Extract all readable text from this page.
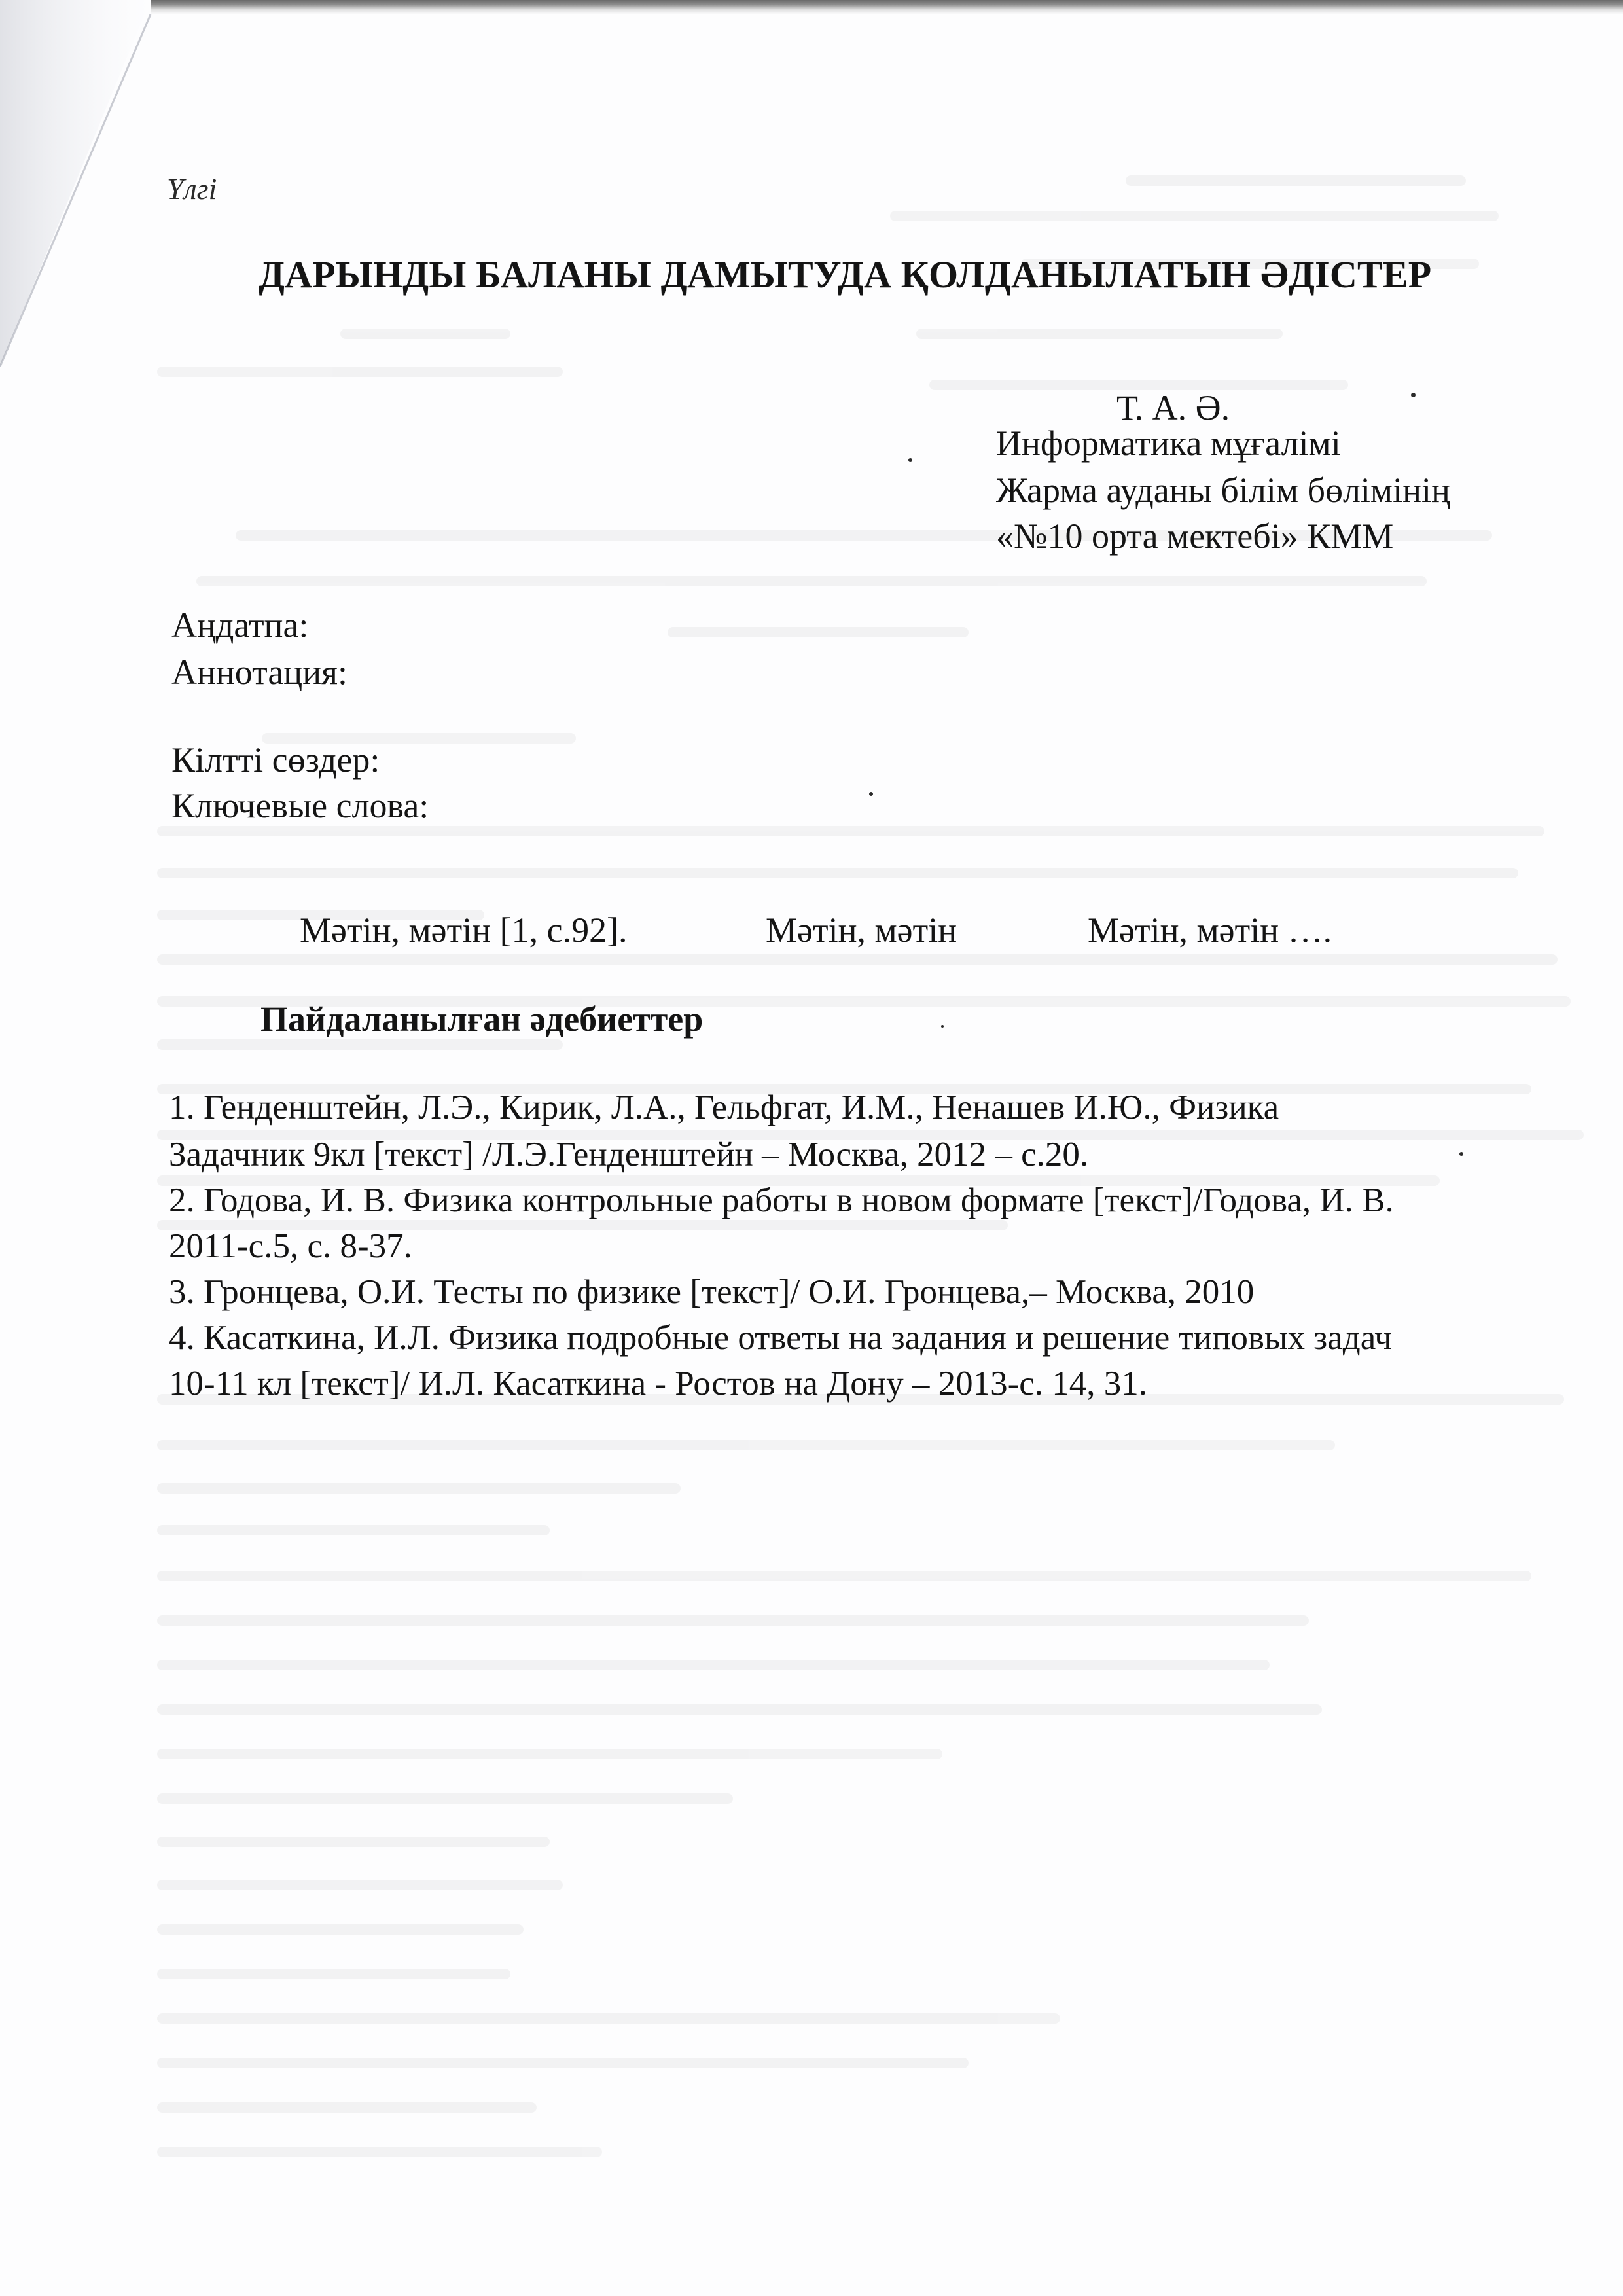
Үлгі

ДАРЫНДЫ БАЛАНЫ ДАМЫТУДА ҚОЛДАНЫЛАТЫН ӘДІСТЕР

Т. А. Ә.

Информатика мұғалімі

Жарма ауданы білім бөлімінің

«№10 орта мектебі» КММ

Аңдатпа:

Аннотация:

Кілтті сөздер:

Ключевые слова:

Мәтін, мәтін [1, с.92].	Мәтін, мәтін	Мәтін, мәтін ….

Пайдаланылған әдебиеттер

1. Генденштейн, Л.Э., Кирик, Л.А., Гельфгат, И.М., Ненашев И.Ю., Физика

Задачник 9кл [текст] /Л.Э.Генденштейн – Москва, 2012 – с.20.

2. Годова, И. В. Физика контрольные работы в новом формате [текст]/Годова, И. В.

2011-с.5, с. 8-37.

3. Гронцева, О.И. Тесты по физике [текст]/ О.И. Гронцева,– Москва, 2010

4. Касаткина, И.Л. Физика подробные ответы на задания и решение типовых задач

10-11 кл [текст]/ И.Л. Касаткина - Ростов на Дону – 2013-с. 14, 31.
